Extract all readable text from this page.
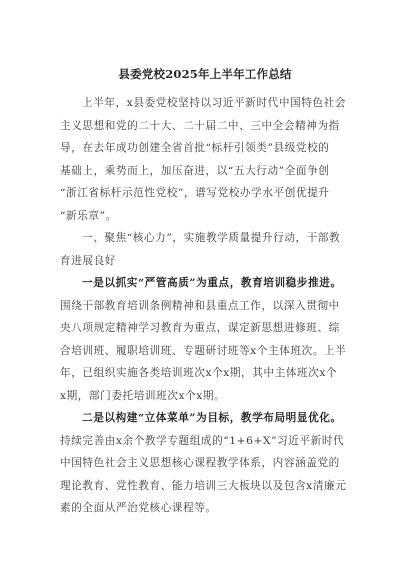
县委党校2025年上半年工作总结
上半年，x县委党校坚持以习近平新时代中国特色社会
主义思想和党的二十大、二十届二中、三中全会精神为指
导，在去年成功创建全省首批“标杆引领类”县级党校的
基础上，乘势而上，加压奋进，以“五大行动”全面争创
“浙江省标杆示范性党校”，谱写党校办学水平创优提升
“新乐章”。
一、聚焦“核心力”，实施教学质量提升行动，干部教
育进展良好
一是以抓实“严管高质”为重点，教育培训稳步推进。
围绕干部教育培训条例精神和县重点工作，以深入贯彻中
央八项规定精神学习教育为重点，谋定新思想进修班、综
合培训班、履职培训班、专题研讨班等x个主体班次。上半
年，已组织实施各类培训班次x个x期，其中主体班次x个
x期，部门委托培训班次x个x期。
二是以构建“立体菜单”为目标，教学布局明显优化。
持续完善由x余个教学专题组成的“1+6+X”习近平新时代
中国特色社会主义思想核心课程教学体系，内容涵盖党的
理论教育、党性教育、能力培训三大板块以及包含x清廉元
素的全面从严治党核心课程等。
